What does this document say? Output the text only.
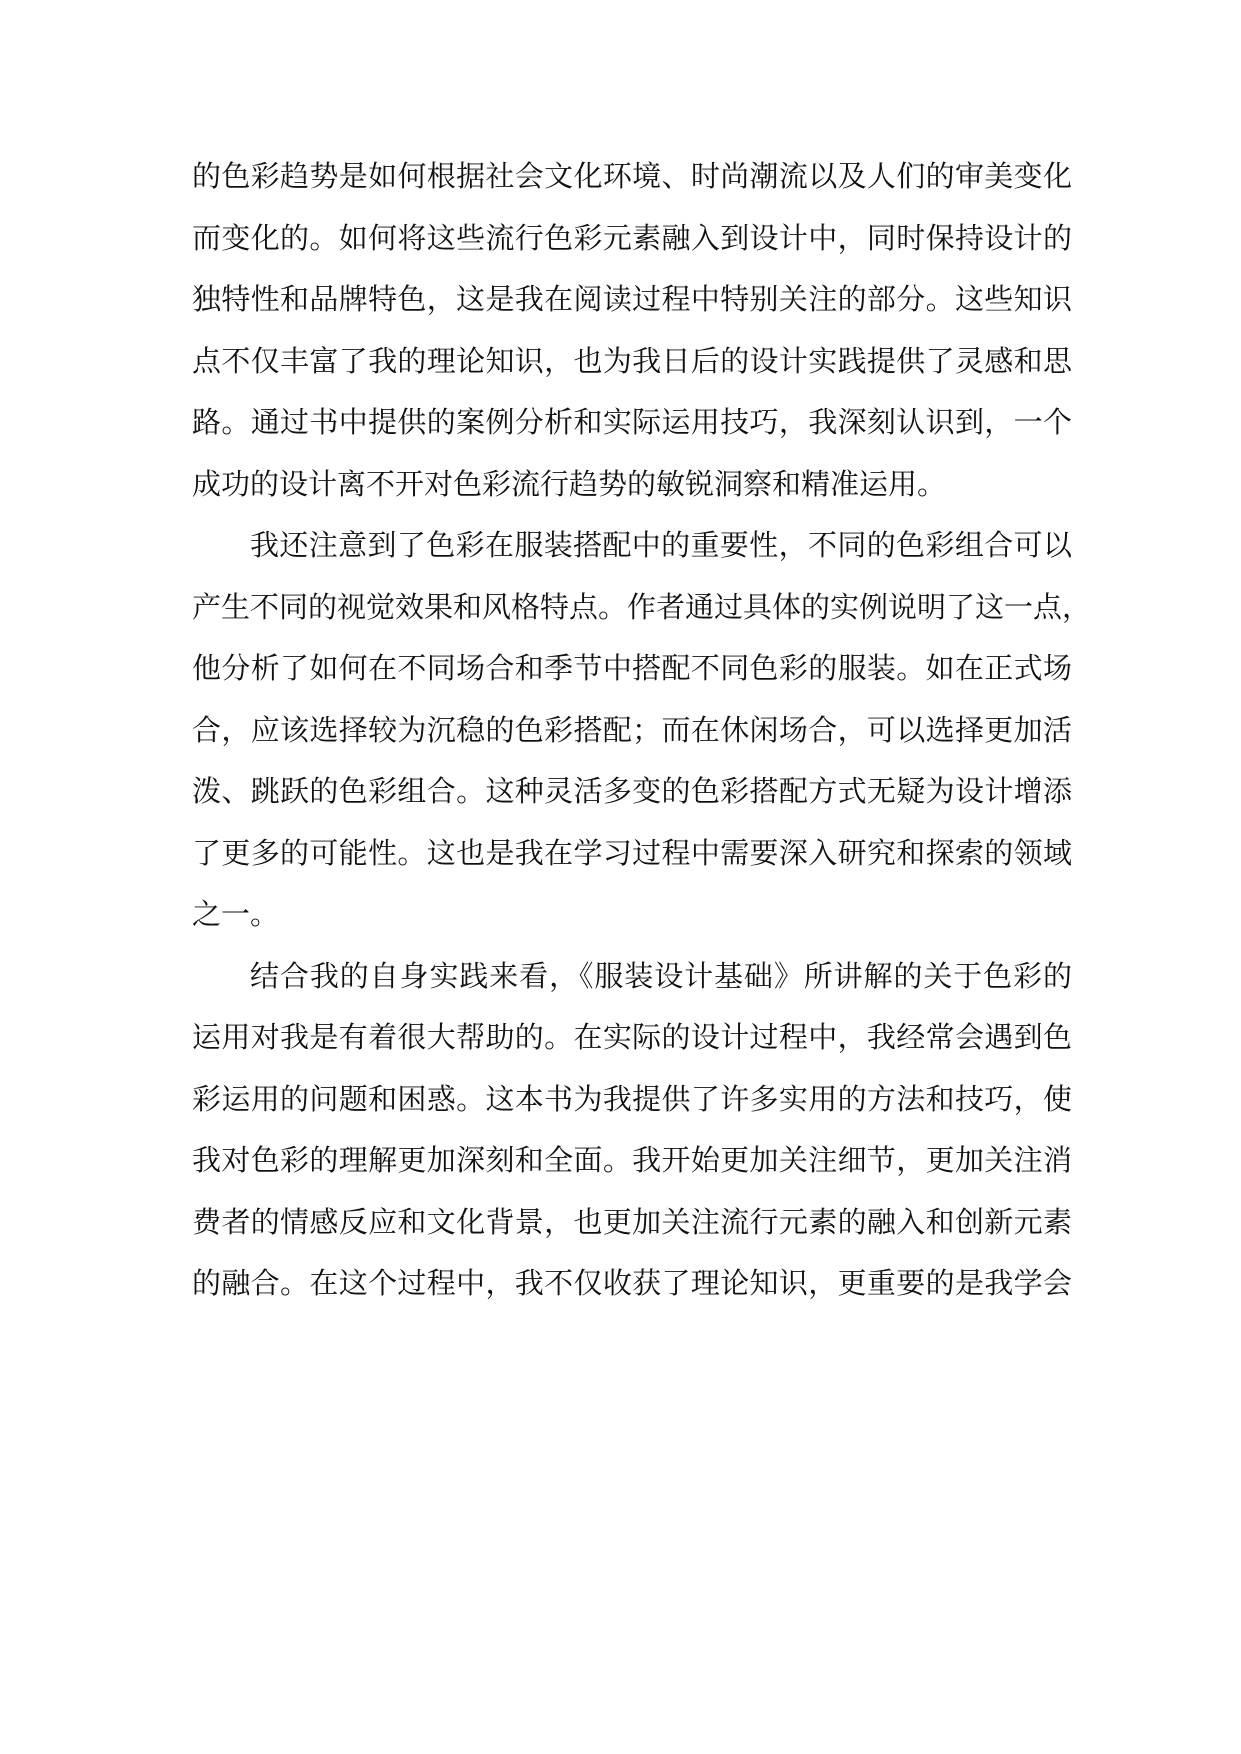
的色彩趋势是如何根据社会文化环境、时尚潮流以及人们的审美变化
而变化的。如何将这些流行色彩元素融入到设计中，同时保持设计的
独特性和品牌特色，这是我在阅读过程中特别关注的部分。这些知识
点不仅丰富了我的理论知识，也为我日后的设计实践提供了灵感和思
路。通过书中提供的案例分析和实际运用技巧，我深刻认识到，一个
成功的设计离不开对色彩流行趋势的敏锐洞察和精准运用。
我还注意到了色彩在服装搭配中的重要性，不同的色彩组合可以
产生不同的视觉效果和风格特点。作者通过具体的实例说明了这一点，
他分析了如何在不同场合和季节中搭配不同色彩的服装。如在正式场
合，应该选择较为沉稳的色彩搭配；而在休闲场合，可以选择更加活
泼、跳跃的色彩组合。这种灵活多变的色彩搭配方式无疑为设计增添
了更多的可能性。这也是我在学习过程中需要深入研究和探索的领域
之一。
结合我的自身实践来看，《服装设计基础》所讲解的关于色彩的
运用对我是有着很大帮助的。在实际的设计过程中，我经常会遇到色
彩运用的问题和困惑。这本书为我提供了许多实用的方法和技巧，使
我对色彩的理解更加深刻和全面。我开始更加关注细节，更加关注消
费者的情感反应和文化背景，也更加关注流行元素的融入和创新元素
的融合。在这个过程中，我不仅收获了理论知识，更重要的是我学会
